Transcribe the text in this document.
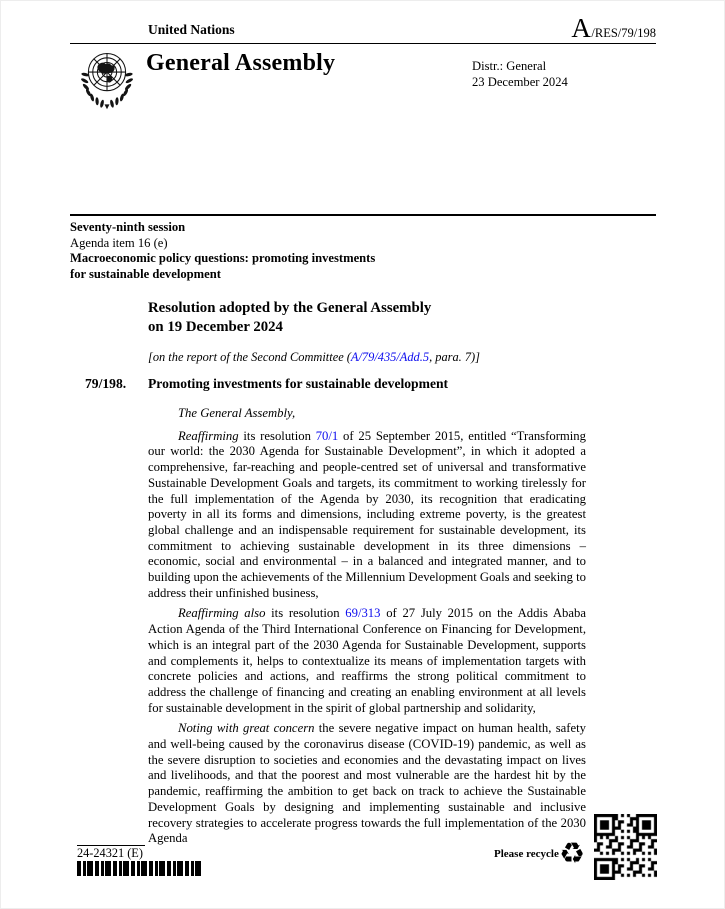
United Nations	A/RES/79/198
General Assembly	Distr.: General
23 December 2024
Seventy-ninth session
Agenda item 16 (e)
Macroeconomic policy questions: promoting investments
for sustainable development
Resolution adopted by the General Assembly
on 19 December 2024
[on the report of the Second Committee (A/79/435/Add.5, para. 7)]
79/198. Promoting investments for sustainable development

The General Assembly,

Reaffirming its resolution 70/1 of 25 September 2015, entitled “Transforming our world: the 2030 Agenda for Sustainable Development”, in which it adopted a comprehensive, far-reaching and people-centred set of universal and transformative Sustainable Development Goals and targets, its commitment to working tirelessly for the full implementation of the Agenda by 2030, its recognition that eradicating poverty in all its forms and dimensions, including extreme poverty, is the greatest global challenge and an indispensable requirement for sustainable development, its commitment to achieving sustainable development in its three dimensions – economic, social and environmental – in a balanced and integrated manner, and to building upon the achievements of the Millennium Development Goals and seeking to address their unfinished business,

Reaffirming also its resolution 69/313 of 27 July 2015 on the Addis Ababa Action Agenda of the Third International Conference on Financing for Development, which is an integral part of the 2030 Agenda for Sustainable Development, supports and complements it, helps to contextualize its means of implementation targets with concrete policies and actions, and reaffirms the strong political commitment to address the challenge of financing and creating an enabling environment at all levels for sustainable development in the spirit of global partnership and solidarity,

Noting with great concern the severe negative impact on human health, safety and well-being caused by the coronavirus disease (COVID-19) pandemic, as well as the severe disruption to societies and economies and the devastating impact on lives and livelihoods, and that the poorest and most vulnerable are the hardest hit by the pandemic, reaffirming the ambition to get back on track to achieve the Sustainable Development Goals by designing and implementing sustainable and inclusive recovery strategies to accelerate progress towards the full implementation of the 2030 Agenda

24-24321 (E)	Please recycle ♻
